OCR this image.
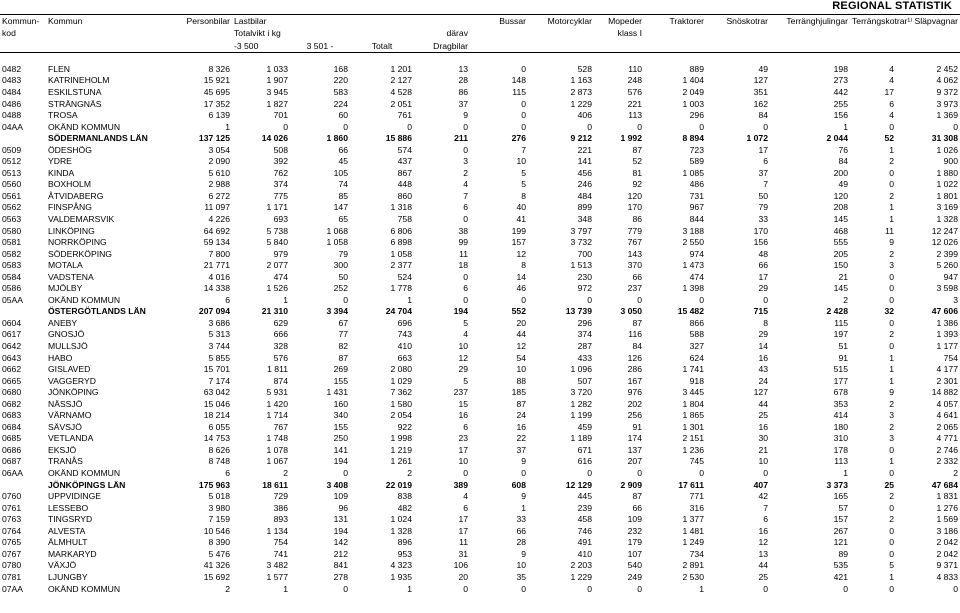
REGIONAL STATISTIK
Kommun-	Kommun	Personbilar	Lastbilar				Bussar	Motorcyklar	Mopeder	Traktorer	Snöskotrar	Terränghjulingar	Terrängskotrar¹⁾	Släpvagnar
kod			Totalvikt i kg			därav			klass I					
			-3 500	3 501 -	Totalt	Dragbilar								

0482	FLEN	8 326	1 033	168	1 201	13	0	528	110	889	49	198	4	2 452
0483	KATRINEHOLM	15 921	1 907	220	2 127	28	148	1 163	248	1 404	127	273	4	4 062
0484	ESKILSTUNA	45 695	3 945	583	4 528	86	115	2 873	576	2 049	351	442	17	9 372
0486	STRÄNGNÄS	17 352	1 827	224	2 051	37	0	1 229	221	1 003	162	255	6	3 973
0488	TROSA	6 139	701	60	761	9	0	406	113	296	84	156	4	1 369
04AA	OKÄND KOMMUN	1	0	0	0	0	0	0	0	0	0	1	0	0
	SÖDERMANLANDS LÄN	137 125	14 026	1 860	15 886	211	276	9 212	1 992	8 894	1 072	2 044	52	31 308
0509	ÖDESHÖG	3 054	508	66	574	0	7	221	87	723	17	76	1	1 026
0512	YDRE	2 090	392	45	437	3	10	141	52	589	6	84	2	900
0513	KINDA	5 610	762	105	867	2	5	456	81	1 085	37	200	0	1 880
0560	BOXHOLM	2 988	374	74	448	4	5	246	92	486	7	49	0	1 022
0561	ÅTVIDABERG	6 272	775	85	860	7	8	484	120	731	50	120	2	1 801
0562	FINSPÅNG	11 097	1 171	147	1 318	6	40	899	170	967	79	208	1	3 169
0563	VALDEMARSVIK	4 226	693	65	758	0	41	348	86	844	33	145	1	1 328
0580	LINKÖPING	64 692	5 738	1 068	6 806	38	199	3 797	779	3 188	170	468	11	12 247
0581	NORRKÖPING	59 134	5 840	1 058	6 898	99	157	3 732	767	2 550	156	555	9	12 026
0582	SÖDERKÖPING	7 800	979	79	1 058	11	12	700	143	974	48	205	2	2 399
0583	MOTALA	21 771	2 077	300	2 377	18	8	1 513	370	1 473	66	150	3	5 260
0584	VADSTENA	4 016	474	50	524	0	14	230	66	474	17	21	0	947
0586	MJÖLBY	14 338	1 526	252	1 778	6	46	972	237	1 398	29	145	0	3 598
05AA	OKÄND KOMMUN	6	1	0	1	0	0	0	0	0	0	2	0	3
	ÖSTERGÖTLANDS LÄN	207 094	21 310	3 394	24 704	194	552	13 739	3 050	15 482	715	2 428	32	47 606
0604	ANEBY	3 686	629	67	696	5	20	296	87	866	8	115	0	1 386
0617	GNOSJÖ	5 313	666	77	743	4	44	374	116	588	29	197	2	1 393
0642	MULLSJÖ	3 744	328	82	410	10	12	287	84	327	14	51	0	1 177
0643	HABO	5 855	576	87	663	12	54	433	126	624	16	91	1	754
0662	GISLAVED	15 701	1 811	269	2 080	29	10	1 096	286	1 741	43	515	1	4 177
0665	VAGGERYD	7 174	874	155	1 029	5	88	507	167	918	24	177	1	2 301
0680	JÖNKÖPING	63 042	5 931	1 431	7 362	237	185	3 720	976	3 445	127	678	9	14 882
0682	NÄSSJÖ	15 046	1 420	160	1 580	15	87	1 282	202	1 804	44	353	2	4 057
0683	VÄRNAMO	18 214	1 714	340	2 054	16	24	1 199	256	1 865	25	414	3	4 641
0684	SÄVSJÖ	6 055	767	155	922	6	16	459	91	1 301	16	180	2	2 065
0685	VETLANDA	14 753	1 748	250	1 998	23	22	1 189	174	2 151	30	310	3	4 771
0686	EKSJÖ	8 626	1 078	141	1 219	17	37	671	137	1 236	21	178	0	2 746
0687	TRANÅS	8 748	1 067	194	1 261	10	9	616	207	745	10	113	1	2 332
06AA	OKÄND KOMMUN	6	2	0	2	0	0	0	0	0	0	1	0	2
	JÖNKÖPINGS LÄN	175 963	18 611	3 408	22 019	389	608	12 129	2 909	17 611	407	3 373	25	47 684
0760	UPPVIDINGE	5 018	729	109	838	4	9	445	87	771	42	165	2	1 831
0761	LESSEBO	3 980	386	96	482	6	1	239	66	316	7	57	0	1 276
0763	TINGSRYD	7 159	893	131	1 024	17	33	458	109	1 377	6	157	2	1 569
0764	ALVESTA	10 546	1 134	194	1 328	17	66	746	232	1 481	16	267	0	3 186
0765	ÄLMHULT	8 390	754	142	896	11	28	491	179	1 249	12	121	0	2 042
0767	MARKARYD	5 476	741	212	953	31	9	410	107	734	13	89	0	2 042
0780	VÄXJÖ	41 326	3 482	841	4 323	106	10	2 203	540	2 891	44	535	5	9 371
0781	LJUNGBY	15 692	1 577	278	1 935	20	35	1 229	249	2 530	25	421	1	4 833
07AA	OKÄND KOMMUN	2	1	0	1	0	0	0	0	1	0	0	0	0
